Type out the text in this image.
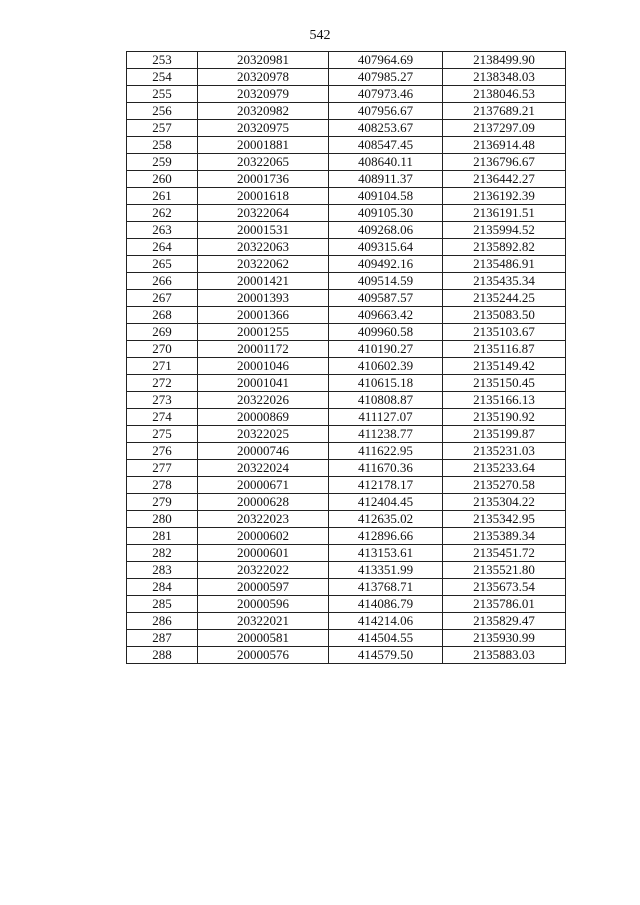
542
253	20320981	407964.69	2138499.90
254	20320978	407985.27	2138348.03
255	20320979	407973.46	2138046.53
256	20320982	407956.67	2137689.21
257	20320975	408253.67	2137297.09
258	20001881	408547.45	2136914.48
259	20322065	408640.11	2136796.67
260	20001736	408911.37	2136442.27
261	20001618	409104.58	2136192.39
262	20322064	409105.30	2136191.51
263	20001531	409268.06	2135994.52
264	20322063	409315.64	2135892.82
265	20322062	409492.16	2135486.91
266	20001421	409514.59	2135435.34
267	20001393	409587.57	2135244.25
268	20001366	409663.42	2135083.50
269	20001255	409960.58	2135103.67
270	20001172	410190.27	2135116.87
271	20001046	410602.39	2135149.42
272	20001041	410615.18	2135150.45
273	20322026	410808.87	2135166.13
274	20000869	411127.07	2135190.92
275	20322025	411238.77	2135199.87
276	20000746	411622.95	2135231.03
277	20322024	411670.36	2135233.64
278	20000671	412178.17	2135270.58
279	20000628	412404.45	2135304.22
280	20322023	412635.02	2135342.95
281	20000602	412896.66	2135389.34
282	20000601	413153.61	2135451.72
283	20322022	413351.99	2135521.80
284	20000597	413768.71	2135673.54
285	20000596	414086.79	2135786.01
286	20322021	414214.06	2135829.47
287	20000581	414504.55	2135930.99
288	20000576	414579.50	2135883.03
